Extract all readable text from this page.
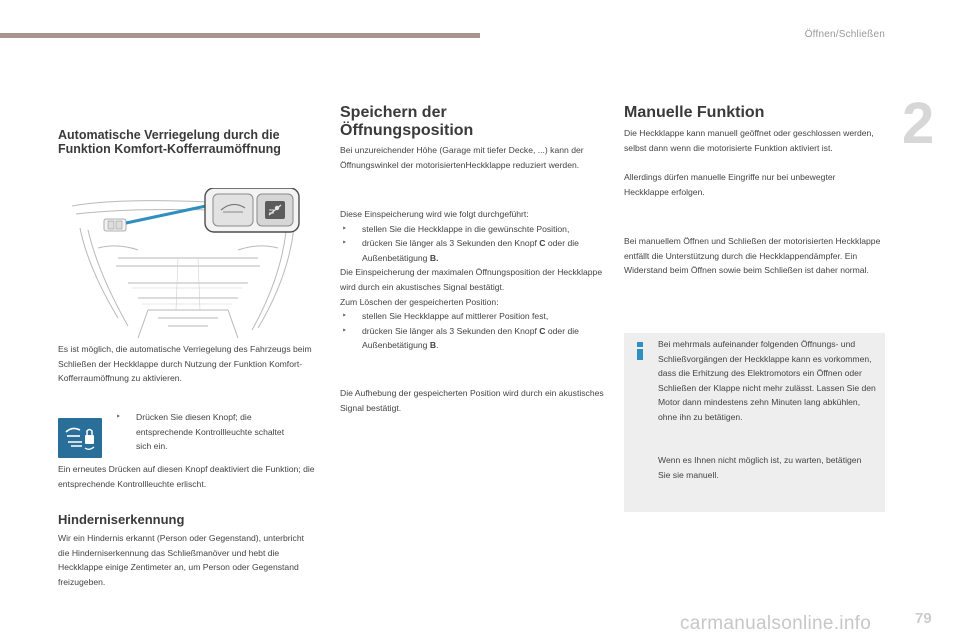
Öffnen/Schließen
2
Automatische Verriegelung durch die Funktion Komfort-Kofferraumöffnung

Es ist möglich, die automatische Verriegelung des Fahrzeugs beim Schließen der Heckklappe durch Nutzung der Funktion Komfort-Kofferraumöffnung zu aktivieren.

‣ Drücken Sie diesen Knopf; die entsprechende Kontrollleuchte schaltet sich ein.

Ein erneutes Drücken auf diesen Knopf deaktiviert die Funktion; die entsprechende Kontrollleuchte erlischt.

Hinderniserkennung

Wir ein Hindernis erkannt (Person oder Gegenstand), unterbricht die Hinderniserkennung das Schließmanöver und hebt die Heckklappe einige Zentimeter an, um Person oder Gegenstand freizugeben.

Speichern der
Öffnungsposition

Bei unzureichender Höhe (Garage mit tiefer Decke, ...) kann der Öffnungswinkel der motorisiertenHeckklappe reduziert werden.

Diese Einspeicherung wird wie folgt durchgeführt:

‣ stellen Sie die Heckklappe in die gewünschte Position,
‣ drücken Sie länger als 3 Sekunden den Knopf C oder die Außenbetätigung B.

Die Einspeicherung der maximalen Öffnungsposition der Heckklappe wird durch ein akustisches Signal bestätigt.

Zum Löschen der gespeicherten Position:

‣ stellen Sie Heckklappe auf mittlerer Position fest,
‣ drücken Sie länger als 3 Sekunden den Knopf C oder die Außenbetätigung B.

Die Aufhebung der gespeicherten Position wird durch ein akustisches Signal bestätigt.

Manuelle Funktion

Die Heckklappe kann manuell geöffnet oder geschlossen werden, selbst dann wenn die motorisierte Funktion aktiviert ist.

Allerdings dürfen manuelle Eingriffe nur bei unbewegter Heckklappe erfolgen.

Bei manuellem Öffnen und Schließen der motorisierten Heckklappe entfällt die Unterstützung durch die Heckklappendämpfer. Ein Widerstand beim Öffnen sowie beim Schließen ist daher normal.

Bei mehrmals aufeinander folgenden Öffnungs- und Schließvorgängen der Heckklappe kann es vorkommen, dass die Erhitzung des Elektromotors ein Öffnen oder Schließen der Klappe nicht mehr zulässt. Lassen Sie den Motor dann mindestens zehn Minuten lang abkühlen, ohne ihn zu betätigen.

Wenn es Ihnen nicht möglich ist, zu warten, betätigen Sie sie manuell.

carmanualsonline.info	79
